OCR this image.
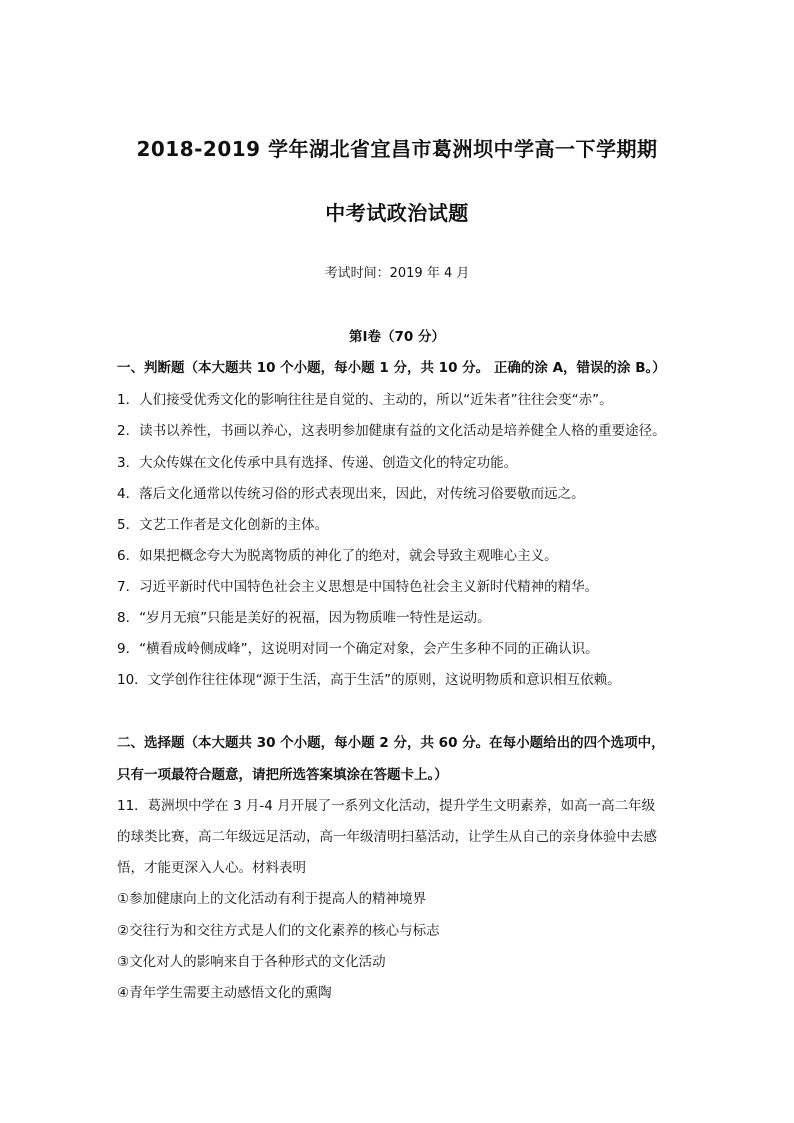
2018-2019 学年湖北省宜昌市葛洲坝中学高一下学期期
中考试政治试题
考试时间：2019 年 4 月
第Ⅰ卷（70 分）
一、判断题（本大题共 10 个小题，每小题 1 分，共 10 分。 正确的涂 A，错误的涂 B。）
1．人们接受优秀文化的影响往往是自觉的、主动的，所以“近朱者”往往会变“赤”。
2．读书以养性，书画以养心，这表明参加健康有益的文化活动是培养健全人格的重要途径。
3．大众传媒在文化传承中具有选择、传递、创造文化的特定功能。
4．落后文化通常以传统习俗的形式表现出来，因此，对传统习俗要敬而远之。
5．文艺工作者是文化创新的主体。
6．如果把概念夸大为脱离物质的神化了的绝对，就会导致主观唯心主义。
7．习近平新时代中国特色社会主义思想是中国特色社会主义新时代精神的精华。
8．“岁月无痕”只能是美好的祝福，因为物质唯一特性是运动。
9．“横看成岭侧成峰”，这说明对同一个确定对象，会产生多种不同的正确认识。
10．文学创作往往体现“源于生活，高于生活”的原则，这说明物质和意识相互依赖。
二、选择题（本大题共 30 个小题，每小题 2 分，共 60 分。在每小题给出的四个选项中，
只有一项最符合题意，请把所选答案填涂在答题卡上。）
11．葛洲坝中学在 3 月-4 月开展了一系列文化活动，提升学生文明素养，如高一高二年级
的球类比赛，高二年级远足活动，高一年级清明扫墓活动，让学生从自己的亲身体验中去感
悟，才能更深入人心。材料表明
①参加健康向上的文化活动有利于提高人的精神境界
②交往行为和交往方式是人们的文化素养的核心与标志
③文化对人的影响来自于各种形式的文化活动
④青年学生需要主动感悟文化的熏陶
